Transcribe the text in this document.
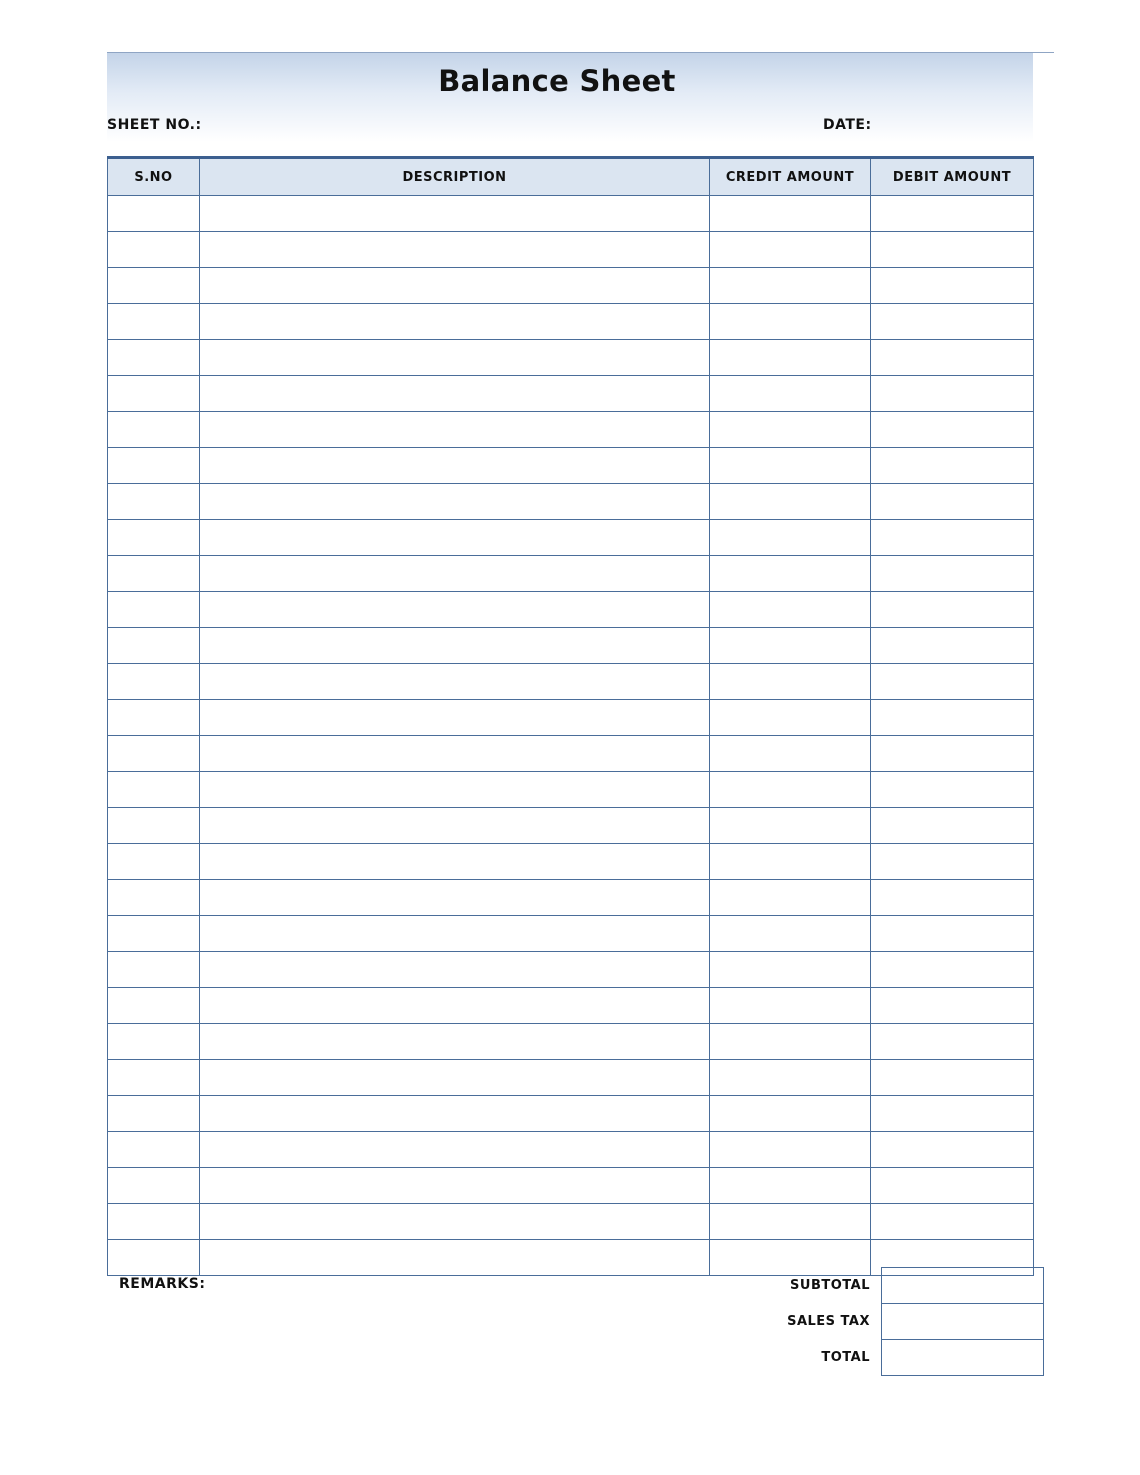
Balance Sheet
SHEET NO.:	DATE:
S.NO	DESCRIPTION	CREDIT AMOUNT	DEBIT AMOUNT

REMARKS:	SUBTOTAL	
SALES TAX	
TOTAL	
